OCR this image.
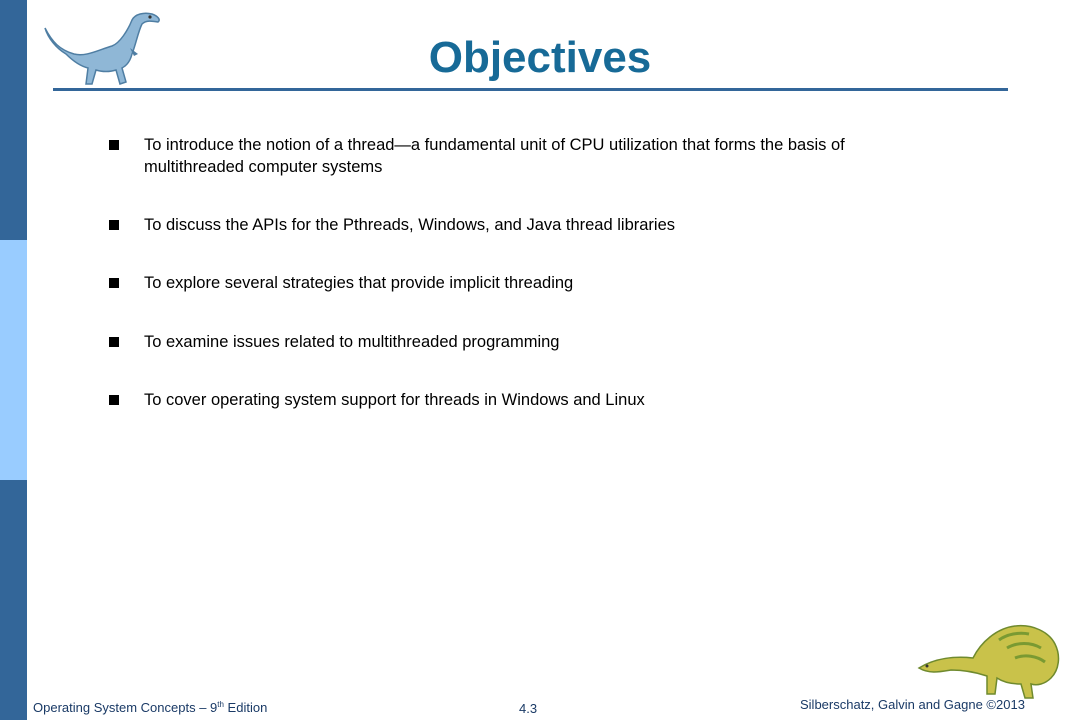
Objectives
To introduce the notion of a thread—a fundamental unit of CPU utilization that forms the basis of multithreaded computer systems
To discuss the APIs for the Pthreads, Windows, and Java thread libraries
To explore several strategies that provide implicit threading
To examine issues related to multithreaded programming
To cover operating system support for threads in Windows and Linux
Operating System Concepts – 9th Edition	4.3	Silberschatz, Galvin and Gagne ©2013
